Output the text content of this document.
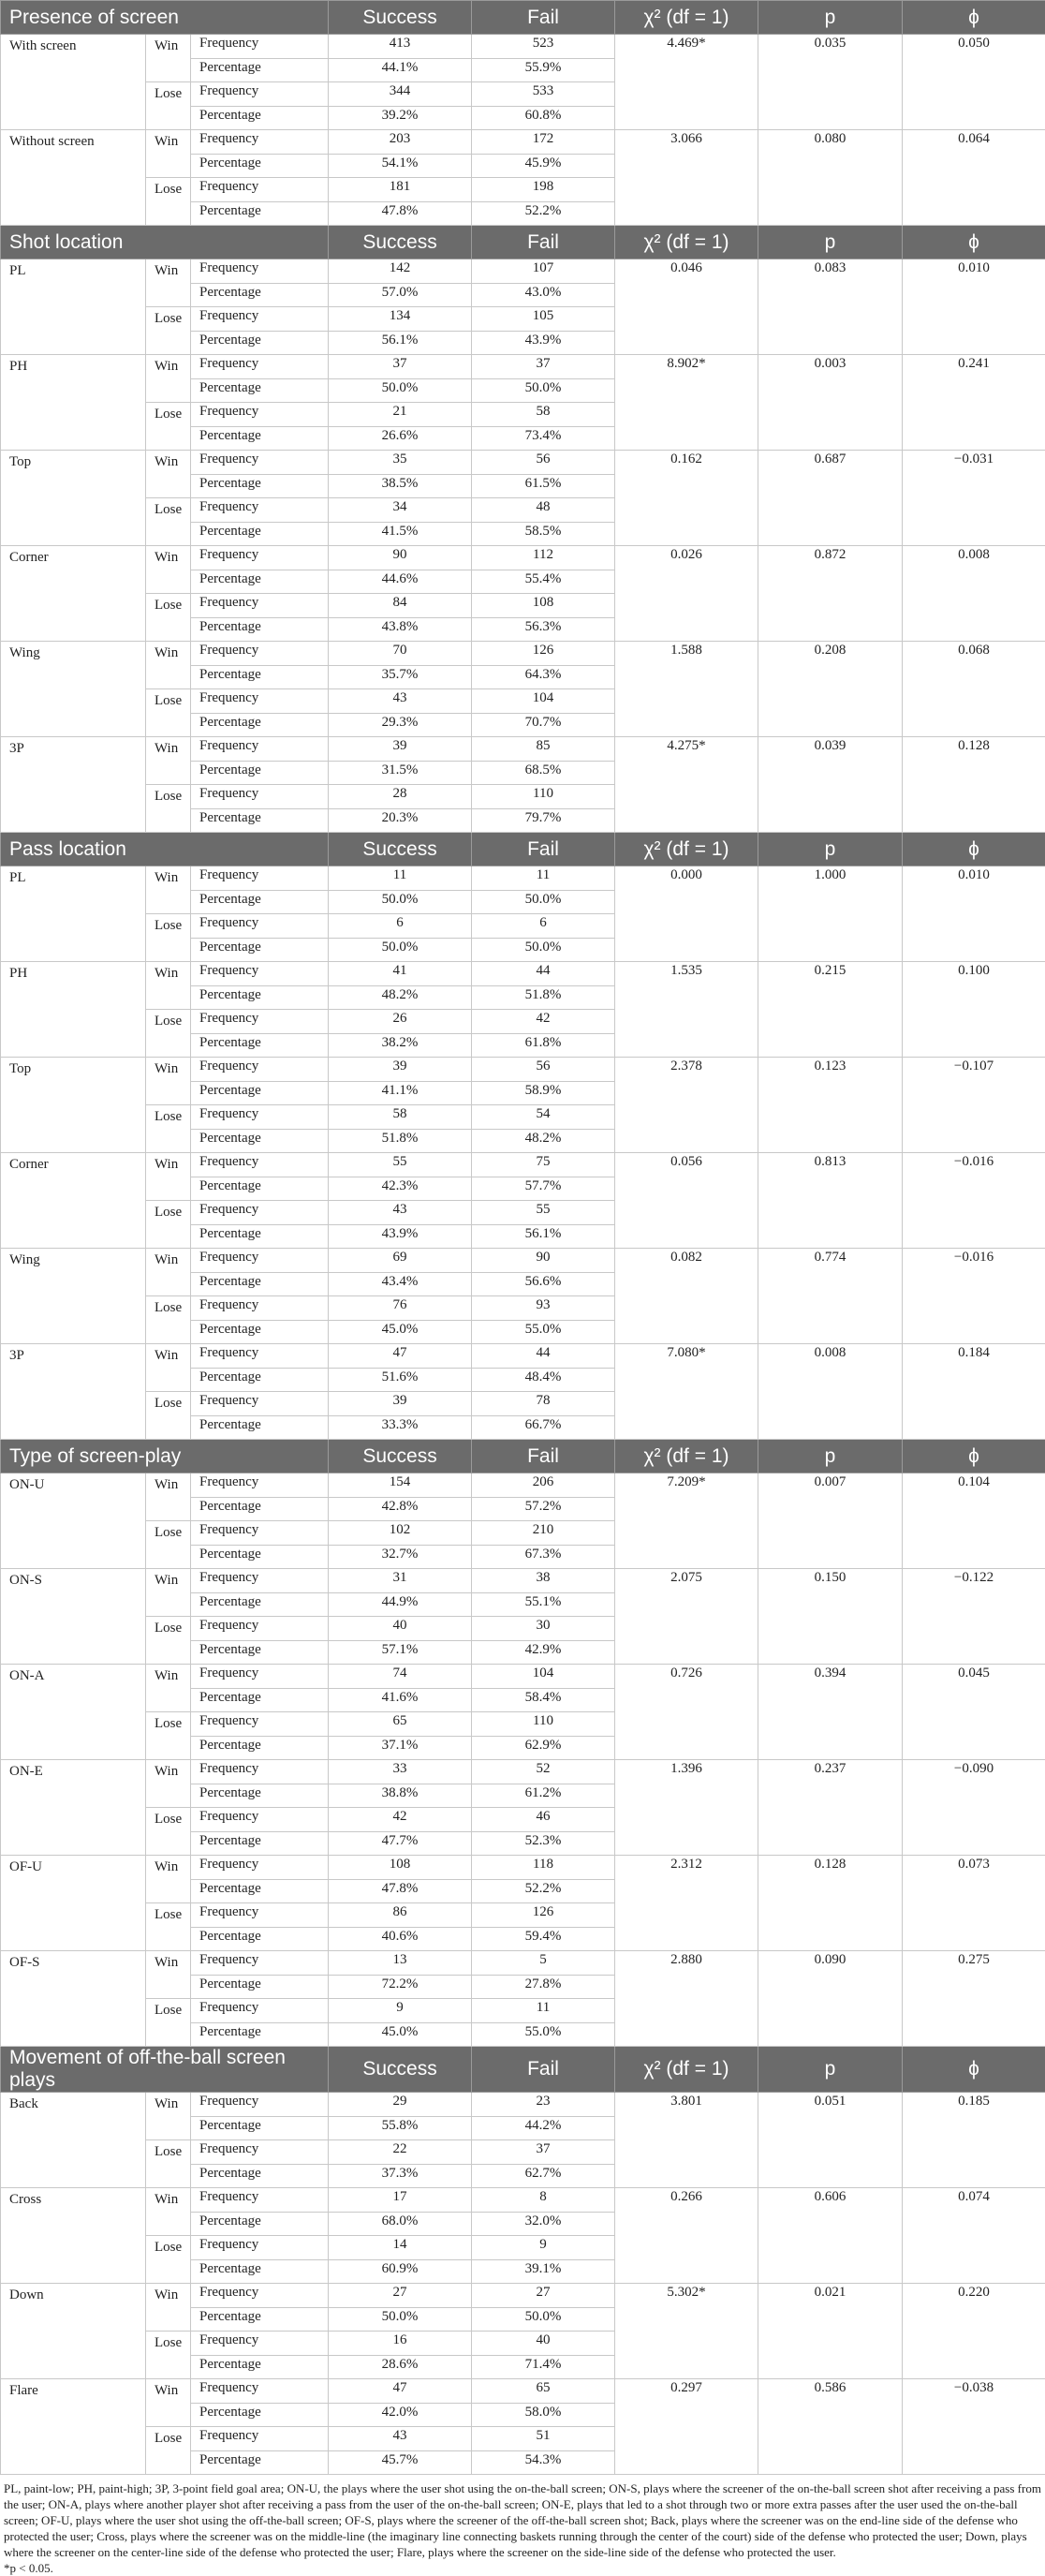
Presence of screen			Success	Fail	χ² (df = 1)	p	ϕ
With screen	Win	Frequency	413	523	4.469*	0.035	0.050
		Percentage	44.1%	55.9%			
	Lose	Frequency	344	533			
		Percentage	39.2%	60.8%			
Without screen	Win	Frequency	203	172	3.066	0.080	0.064
		Percentage	54.1%	45.9%			
	Lose	Frequency	181	198			
		Percentage	47.8%	52.2%			
Shot location			Success	Fail	χ² (df = 1)	p	ϕ
PL	Win	Frequency	142	107	0.046	0.083	0.010
		Percentage	57.0%	43.0%			
	Lose	Frequency	134	105			
		Percentage	56.1%	43.9%			
PH	Win	Frequency	37	37	8.902*	0.003	0.241
		Percentage	50.0%	50.0%			
	Lose	Frequency	21	58			
		Percentage	26.6%	73.4%			
Top	Win	Frequency	35	56	0.162	0.687	−0.031
		Percentage	38.5%	61.5%			
	Lose	Frequency	34	48			
		Percentage	41.5%	58.5%			
Corner	Win	Frequency	90	112	0.026	0.872	0.008
		Percentage	44.6%	55.4%			
	Lose	Frequency	84	108			
		Percentage	43.8%	56.3%			
Wing	Win	Frequency	70	126	1.588	0.208	0.068
		Percentage	35.7%	64.3%			
	Lose	Frequency	43	104			
		Percentage	29.3%	70.7%			
3P	Win	Frequency	39	85	4.275*	0.039	0.128
		Percentage	31.5%	68.5%			
	Lose	Frequency	28	110			
		Percentage	20.3%	79.7%			
Pass location			Success	Fail	χ² (df = 1)	p	ϕ
PL	Win	Frequency	11	11	0.000	1.000	0.010
		Percentage	50.0%	50.0%			
	Lose	Frequency	6	6			
		Percentage	50.0%	50.0%			
PH	Win	Frequency	41	44	1.535	0.215	0.100
		Percentage	48.2%	51.8%			
	Lose	Frequency	26	42			
		Percentage	38.2%	61.8%			
Top	Win	Frequency	39	56	2.378	0.123	−0.107
		Percentage	41.1%	58.9%			
	Lose	Frequency	58	54			
		Percentage	51.8%	48.2%			
Corner	Win	Frequency	55	75	0.056	0.813	−0.016
		Percentage	42.3%	57.7%			
	Lose	Frequency	43	55			
		Percentage	43.9%	56.1%			
Wing	Win	Frequency	69	90	0.082	0.774	−0.016
		Percentage	43.4%	56.6%			
	Lose	Frequency	76	93			
		Percentage	45.0%	55.0%			
3P	Win	Frequency	47	44	7.080*	0.008	0.184
		Percentage	51.6%	48.4%			
	Lose	Frequency	39	78			
		Percentage	33.3%	66.7%			
Type of screen-play			Success	Fail	χ² (df = 1)	p	ϕ
ON-U	Win	Frequency	154	206	7.209*	0.007	0.104
		Percentage	42.8%	57.2%			
	Lose	Frequency	102	210			
		Percentage	32.7%	67.3%			
ON-S	Win	Frequency	31	38	2.075	0.150	−0.122
		Percentage	44.9%	55.1%			
	Lose	Frequency	40	30			
		Percentage	57.1%	42.9%			
ON-A	Win	Frequency	74	104	0.726	0.394	0.045
		Percentage	41.6%	58.4%			
	Lose	Frequency	65	110			
		Percentage	37.1%	62.9%			
ON-E	Win	Frequency	33	52	1.396	0.237	−0.090
		Percentage	38.8%	61.2%			
	Lose	Frequency	42	46			
		Percentage	47.7%	52.3%			
OF-U	Win	Frequency	108	118	2.312	0.128	0.073
		Percentage	47.8%	52.2%			
	Lose	Frequency	86	126			
		Percentage	40.6%	59.4%			
OF-S	Win	Frequency	13	5	2.880	0.090	0.275
		Percentage	72.2%	27.8%			
	Lose	Frequency	9	11			
		Percentage	45.0%	55.0%			
Movement of off-the-ball screen plays			Success	Fail	χ² (df = 1)	p	ϕ
Back	Win	Frequency	29	23	3.801	0.051	0.185
		Percentage	55.8%	44.2%			
	Lose	Frequency	22	37			
		Percentage	37.3%	62.7%			
Cross	Win	Frequency	17	8	0.266	0.606	0.074
		Percentage	68.0%	32.0%			
	Lose	Frequency	14	9			
		Percentage	60.9%	39.1%			
Down	Win	Frequency	27	27	5.302*	0.021	0.220
		Percentage	50.0%	50.0%			
	Lose	Frequency	16	40			
		Percentage	28.6%	71.4%			
Flare	Win	Frequency	47	65	0.297	0.586	−0.038
		Percentage	42.0%	58.0%			
	Lose	Frequency	43	51			
		Percentage	45.7%	54.3%			

PL, paint-low; PH, paint-high; 3P, 3-point field goal area; ON-U, the plays where the user shot using the on-the-ball screen; ON-S, plays where the screener of the on-the-ball screen shot after receiving a pass from the user; ON-A, plays where another player shot after receiving a pass from the user of the on-the-ball screen; ON-E, plays that led to a shot through two or more extra passes after the user used the on-the-ball screen; OF-U, plays where the user shot using the off-the-ball screen; OF-S, plays where the screener of the off-the-ball screen shot; Back, plays where the screener was on the end-line side of the defense who protected the user; Cross, plays where the screener was on the middle-line (the imaginary line connecting baskets running through the center of the court) side of the defense who protected the user; Down, plays where the screener on the center-line side of the defense who protected the user; Flare, plays where the screener on the side-line side of the defense who protected the user.

*p < 0.05.
